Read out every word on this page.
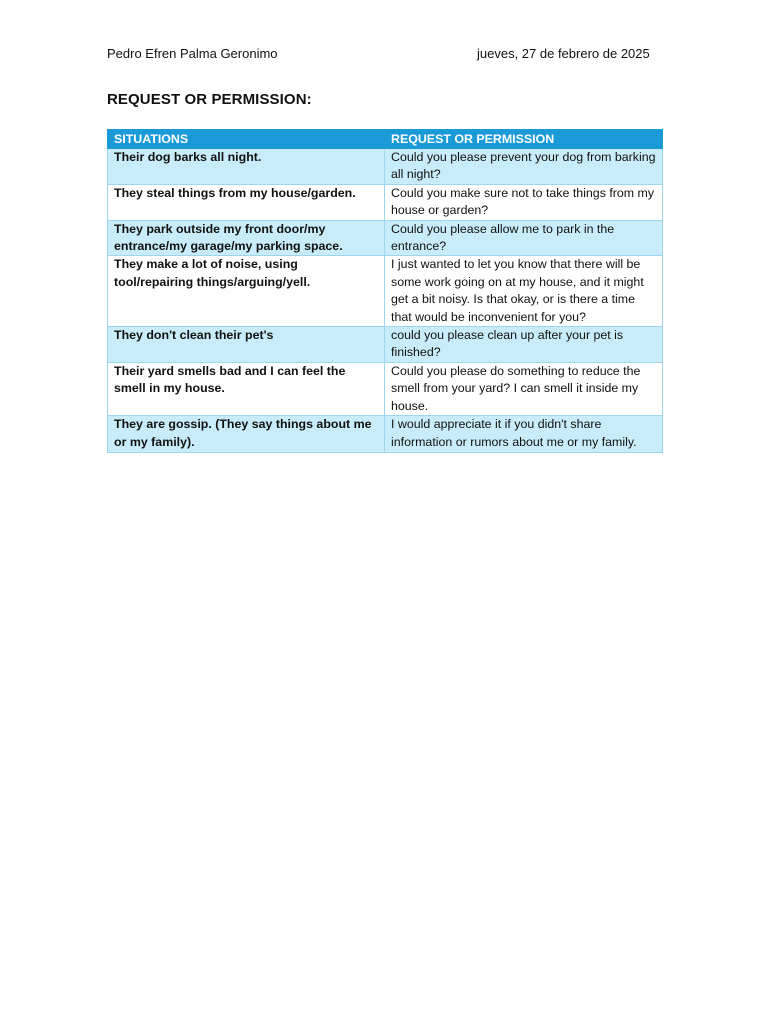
Pedro Efren Palma Geronimo	jueves, 27 de febrero de 2025
REQUEST OR PERMISSION:
SITUATIONS	REQUEST OR PERMISSION
Their dog barks all night.	Could you please prevent your dog from barking all night?
They steal things from my house/garden.	Could you make sure not to take things from my house or garden?
They park outside my front door/my entrance/my garage/my parking space.	Could you please allow me to park in the entrance?
They make a lot of noise, using tool/repairing things/arguing/yell.	I just wanted to let you know that there will be some work going on at my house, and it might get a bit noisy. Is that okay, or is there a time that would be inconvenient for you?
They don't clean their pet's	could you please clean up after your pet is finished?
Their yard smells bad and I can feel the smell in my house.	Could you please do something to reduce the smell from your yard? I can smell it inside my house.
They are gossip. (They say things about me or my family).	I would appreciate it if you didn't share information or rumors about me or my family.
